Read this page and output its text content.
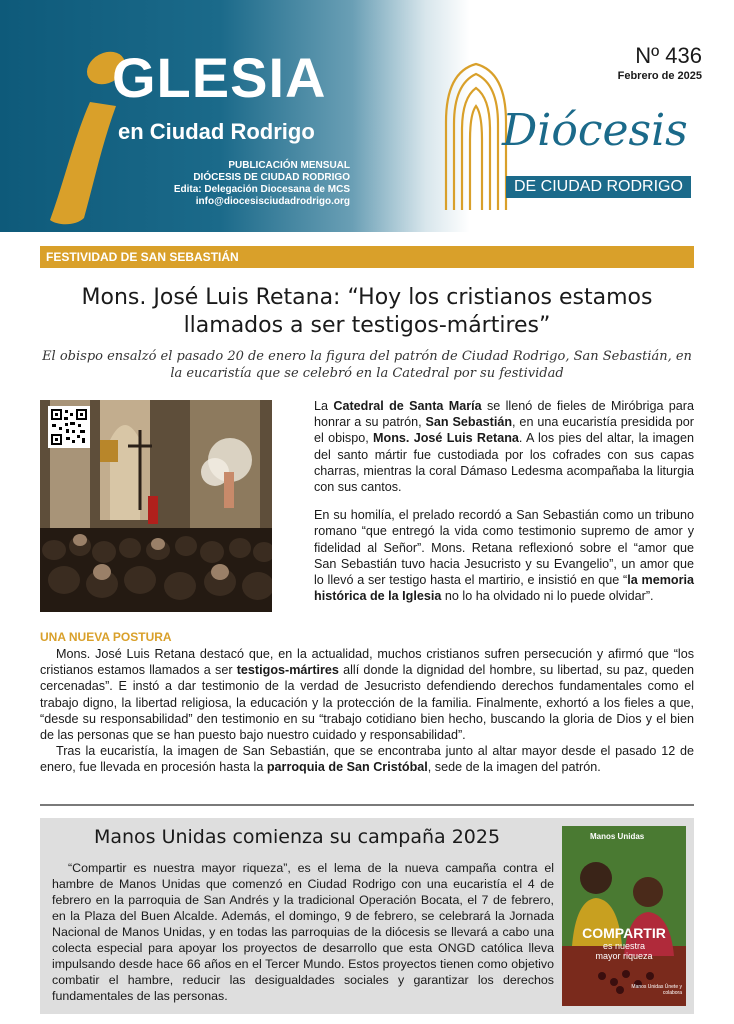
GLESIA
en Ciudad Rodrigo
PUBLICACIÓN MENSUAL
DIÓCESIS DE CIUDAD RODRIGO
Edita: Delegación Diocesana de MCS
info@diocesisciudadrodrigo.org
Nº 436
Febrero de 2025
Diócesis
DE CIUDAD RODRIGO
FESTIVIDAD DE SAN SEBASTIÁN
Mons. José Luis Retana: “Hoy los cristianos estamos llamados a ser testigos-mártires”
El obispo ensalzó el pasado 20 de enero la figura del patrón de Ciudad Rodrigo, San Sebastián, en la eucaristía que se celebró en la Catedral por su festividad

La Catedral de Santa María se llenó de fieles de Miróbriga para honrar a su patrón, San Sebastián, en una eucaristía presidida por el obispo, Mons. José Luis Retana. A los pies del altar, la imagen del santo mártir fue custodiada por los cofrades con sus capas charras, mientras la coral Dámaso Ledesma acompañaba la liturgia con sus cantos.

En su homilía, el prelado recordó a San Sebastián como un tribuno romano “que entregó la vida como testimonio supremo de amor y fidelidad al Señor”. Mons. Retana reflexionó sobre el “amor que San Sebastián tuvo hacia Jesucristo y su Evangelio”, un amor que lo llevó a ser testigo hasta el martirio, e insistió en que “la memoria histórica de la Iglesia no lo ha olvidado ni lo puede olvidar”.

UNA NUEVA POSTURA

Mons. José Luis Retana destacó que, en la actualidad, muchos cristianos sufren persecución y afirmó que “los cristianos estamos llamados a ser testigos-mártires allí donde la dignidad del hombre, su libertad, su paz, queden cercenadas”. E instó a dar testimonio de la verdad de Jesucristo defendiendo derechos fundamentales como el trabajo digno, la libertad religiosa, la educación y la protección de la familia. Finalmente, exhortó a los fieles a que, “desde su responsabilidad” den testimonio en su “trabajo cotidiano bien hecho, buscando la gloria de Dios y el bien de las personas que se han puesto bajo nuestro cuidado y responsabilidad”.

Tras la eucaristía, la imagen de San Sebastián, que se encontraba junto al altar mayor desde el pasado 12 de enero, fue llevada en procesión hasta la parroquia de San Cristóbal, sede de la imagen del patrón.

Manos Unidas comienza su campaña 2025
“Compartir es nuestra mayor riqueza”, es el lema de la nueva campaña contra el hambre de Manos Unidas que comenzó en Ciudad Rodrigo con una eucaristía el 4 de febrero en la parroquia de San Andrés y la tradicional Operación Bocata, el 7 de febrero, en la Plaza del Buen Alcalde. Además, el domingo, 9 de febrero, se celebrará la Jornada Nacional de Manos Unidas, y en todas las parroquias de la diócesis se llevará a cabo una colecta especial para apoyar los proyectos de desarrollo que esta ONGD católica lleva impulsando desde hace 66 años en el Tercer Mundo. Estos proyectos tienen como objetivo combatir el hambre, reducir las desigualdades sociales y garantizar los derechos fundamentales de las personas.
Manos Unidas
COMPARTIR
es nuestra
mayor riqueza
Manos Unidas Únete y colabora
